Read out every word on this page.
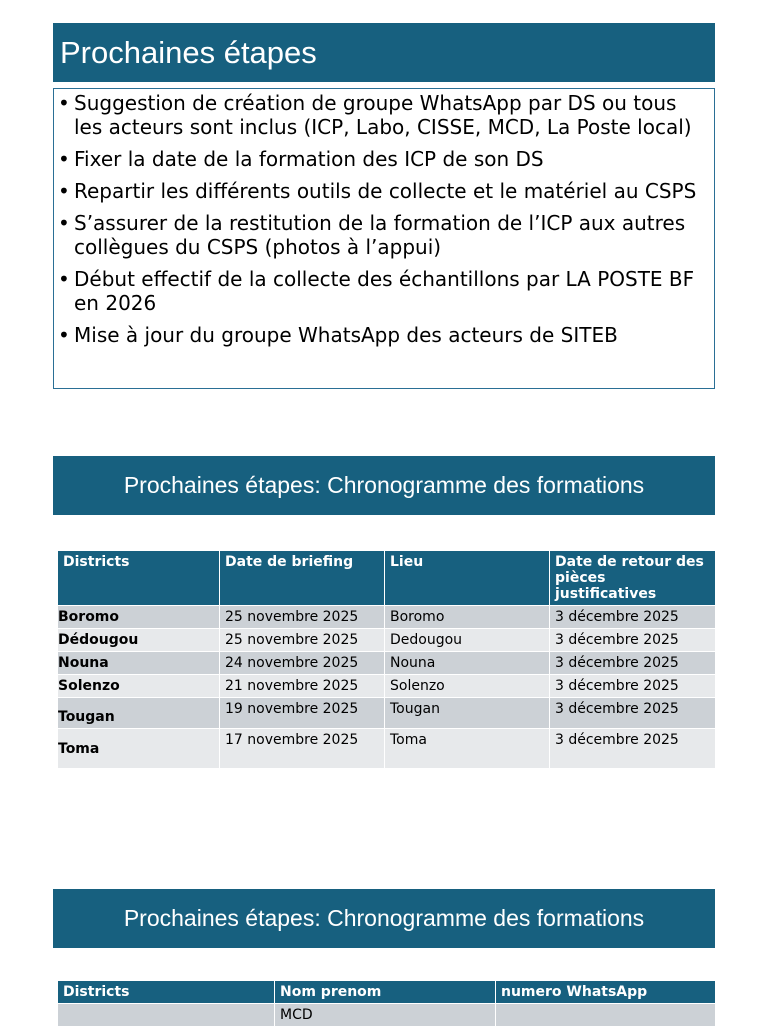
Prochaines étapes
• Suggestion de création de groupe WhatsApp par DS ou tous les acteurs sont inclus (ICP, Labo, CISSE, MCD, La Poste local)
• Fixer la date de la formation des ICP de son DS
• Repartir les différents outils de collecte et le matériel au CSPS
• S’assurer de la restitution de la formation de l’ICP aux autres collègues du CSPS (photos à l’appui)
• Début effectif de la collecte des échantillons par LA POSTE BF en 2026
• Mise à jour du groupe WhatsApp des acteurs de SITEB
Prochaines étapes: Chronogramme des formations
Districts	Date de briefing	Lieu	Date de retour des pièces justificatives
Boromo	25 novembre 2025	Boromo	3 décembre 2025
Dédougou	25 novembre 2025	Dedougou	3 décembre 2025
Nouna	24 novembre 2025	Nouna	3 décembre 2025
Solenzo	21 novembre 2025	Solenzo	3 décembre 2025
Tougan	19 novembre 2025	Tougan	3 décembre 2025
Toma	17 novembre 2025	Toma	3 décembre 2025
Prochaines étapes: Chronogramme des formations
Districts	Nom prenom	numero WhatsApp
	MCD	
